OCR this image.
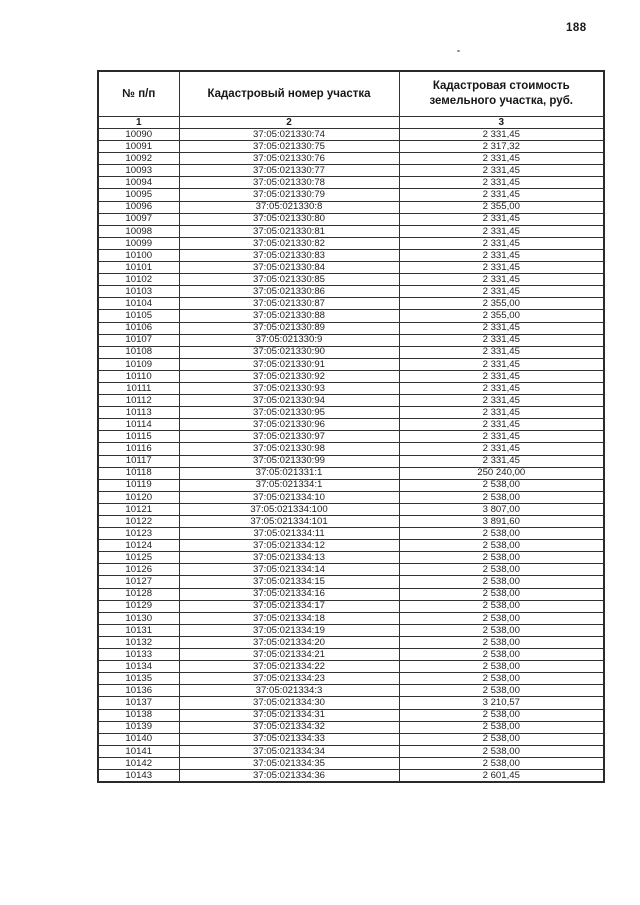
188
№ п/п	Кадастровый номер участка	Кадастровая стоимость земельного участка, руб.
1	2	3
10090	37:05:021330:74	2 331,45
10091	37:05:021330:75	2 317,32
10092	37:05:021330:76	2 331,45
10093	37:05:021330:77	2 331,45
10094	37:05:021330:78	2 331,45
10095	37:05:021330:79	2 331,45
10096	37:05:021330:8	2 355,00
10097	37:05:021330:80	2 331,45
10098	37:05:021330:81	2 331,45
10099	37:05:021330:82	2 331,45
10100	37:05:021330:83	2 331,45
10101	37:05:021330:84	2 331,45
10102	37:05:021330:85	2 331,45
10103	37:05:021330:86	2 331,45
10104	37:05:021330:87	2 355,00
10105	37:05:021330:88	2 355,00
10106	37:05:021330:89	2 331,45
10107	37:05:021330:9	2 331,45
10108	37:05:021330:90	2 331,45
10109	37:05:021330:91	2 331,45
10110	37:05:021330:92	2 331,45
10111	37:05:021330:93	2 331,45
10112	37:05:021330:94	2 331,45
10113	37:05:021330:95	2 331,45
10114	37:05:021330:96	2 331,45
10115	37:05:021330:97	2 331,45
10116	37:05:021330:98	2 331,45
10117	37:05:021330:99	2 331,45
10118	37:05:021331:1	250 240,00
10119	37:05:021334:1	2 538,00
10120	37:05:021334:10	2 538,00
10121	37:05:021334:100	3 807,00
10122	37:05:021334:101	3 891,60
10123	37:05:021334:11	2 538,00
10124	37:05:021334:12	2 538,00
10125	37:05:021334:13	2 538,00
10126	37:05:021334:14	2 538,00
10127	37:05:021334:15	2 538,00
10128	37:05:021334:16	2 538,00
10129	37:05:021334:17	2 538,00
10130	37:05:021334:18	2 538,00
10131	37:05:021334:19	2 538,00
10132	37:05:021334:20	2 538,00
10133	37:05:021334:21	2 538,00
10134	37:05:021334:22	2 538,00
10135	37:05:021334:23	2 538,00
10136	37:05:021334:3	2 538,00
10137	37:05:021334:30	3 210,57
10138	37:05:021334:31	2 538,00
10139	37:05:021334:32	2 538,00
10140	37:05:021334:33	2 538,00
10141	37:05:021334:34	2 538,00
10142	37:05:021334:35	2 538,00
10143	37:05:021334:36	2 601,45
